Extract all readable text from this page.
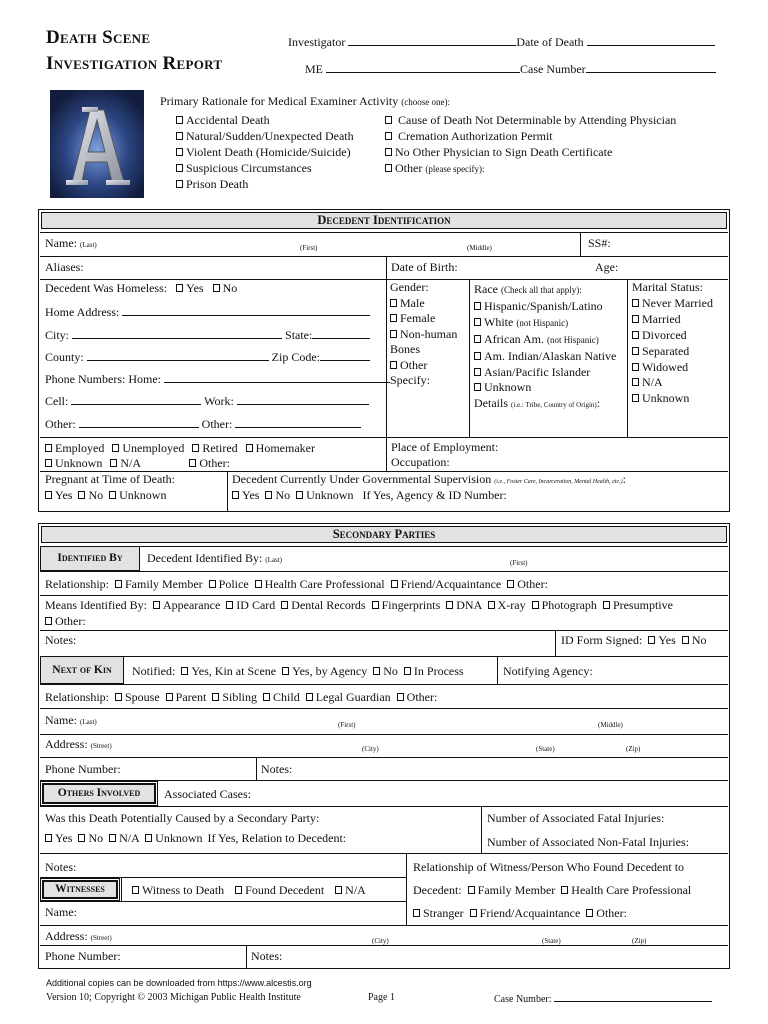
Death Scene
Investigation Report
Investigator	Date of Death
ME	Case Number
Primary Rationale for Medical Examiner Activity (choose one):
Accidental Death
Natural/Sudden/Unexpected Death
Violent Death (Homicide/Suicide)
Suspicious Circumstances
Prison Death
Cause of Death Not Determinable by Attending Physician
Cremation Authorization Permit
No Other Physician to Sign Death Certificate
Other (please specify):
Decedent Identification
Name: (Last)	(First)	(Middle)	SS#:
Aliases:	Date of Birth:	Age:
Decedent Was Homeless: Yes No
Home Address:
City:	State:
County:	Zip Code:
Phone Numbers: Home:
Cell:	Work:
Other:	Other:
Gender:
Male
Female
Non-human Bones
Other Specify:
Race (Check all that apply):
Hispanic/Spanish/Latino
White (not Hispanic)
African Am. (not Hispanic)
Am. Indian/Alaskan Native
Asian/Pacific Islander
Unknown
Details (i.e.: Tribe, Country of Origin):
Marital Status:
Never Married
Married
Divorced
Separated
Widowed
N/A
Unknown
Employed Unemployed Retired Homemaker
Unknown N/A	Other:
Place of Employment:
Occupation:
Pregnant at Time of Death:
Yes No Unknown
Decedent Currently Under Governmental Supervision (i.e., Foster Care, Incarceration, Mental Health, etc.):
Yes No Unknown If Yes, Agency & ID Number:
Secondary Parties
Identified By	Decedent Identified By: (Last)	(First)
Relationship: Family Member Police Health Care Professional Friend/Acquaintance Other:
Means Identified By: Appearance ID Card Dental Records Fingerprints DNA X-ray Photograph Presumptive
Other:
Notes:	ID Form Signed: Yes No
Next of Kin	Notified: Yes, Kin at Scene Yes, by Agency No In Process	Notifying Agency:
Relationship: Spouse Parent Sibling Child Legal Guardian Other:
Name: (Last)	(First)	(Middle)
Address: (Street)	(City)	(State)	(Zip)
Phone Number:	Notes:
Others Involved	Associated Cases:
Was this Death Potentially Caused by a Secondary Party:
Yes No N/A Unknown If Yes, Relation to Decedent:
Number of Associated Fatal Injuries:
Number of Associated Non-Fatal Injuries:
Notes:
Witnesses	Witness to Death Found Decedent N/A
Name:
Relationship of Witness/Person Who Found Decedent to
Decedent: Family Member Health Care Professional
Stranger Friend/Acquaintance Other:
Address: (Street)	(City)	(State)	(Zip)
Phone Number:	Notes:
Additional copies can be downloaded from https://www.alcestis.org
Version 10; Copyright © 2003 Michigan Public Health Institute	Page 1	Case Number:
